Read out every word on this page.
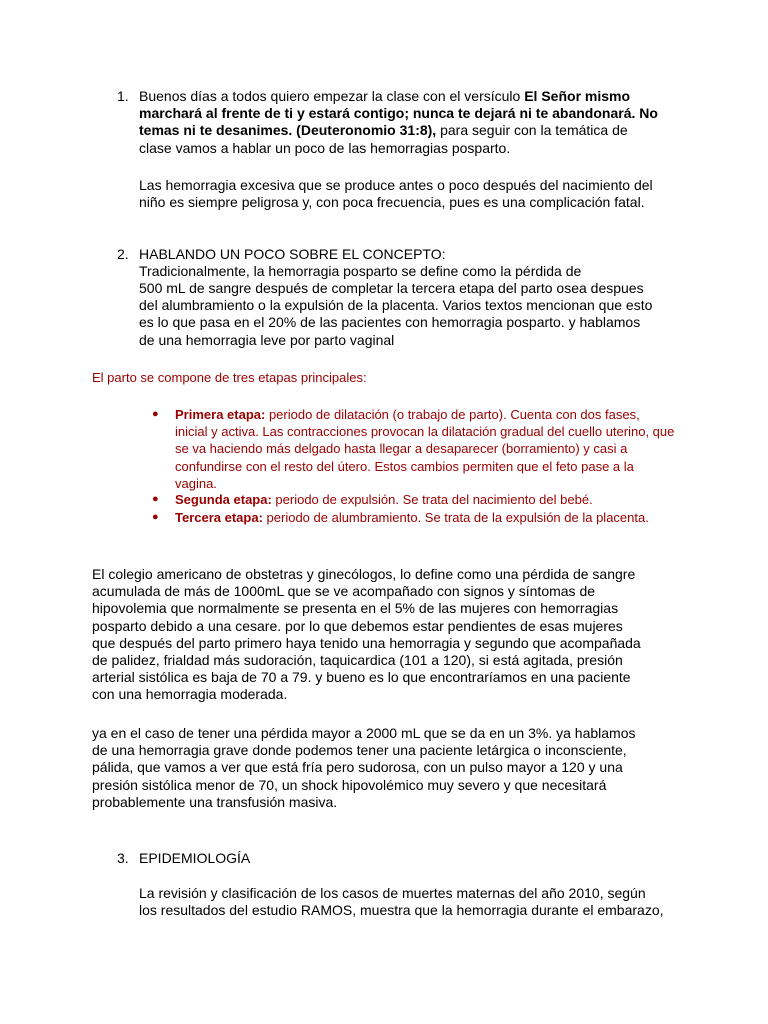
1. Buenos días a todos quiero empezar la clase con el versículo El Señor mismo marchará al frente de ti y estará contigo; nunca te dejará ni te abandonará. No temas ni te desanimes. (Deuteronomio 31:8), para seguir con la temática de clase vamos a hablar un poco de las hemorragias posparto.

Las hemorragia excesiva que se produce antes o poco después del nacimiento del niño es siempre peligrosa y, con poca frecuencia, pues es una complicación fatal.

2. HABLANDO UN POCO SOBRE EL CONCEPTO:

Tradicionalmente, la hemorragia posparto se define como la pérdida de

500 mL de sangre después de completar la tercera etapa del parto osea despues del alumbramiento o la expulsión de la placenta. Varios textos mencionan que esto es lo que pasa en el 20% de las pacientes con hemorragia posparto. y hablamos de una hemorragia leve por parto vaginal

El parto se compone de tres etapas principales:

● Primera etapa: periodo de dilatación (o trabajo de parto). Cuenta con dos fases, inicial y activa. Las contracciones provocan la dilatación gradual del cuello uterino, que se va haciendo más delgado hasta llegar a desaparecer (borramiento) y casi a confundirse con el resto del útero. Estos cambios permiten que el feto pase a la vagina.

● Segunda etapa: periodo de expulsión. Se trata del nacimiento del bebé.

● Tercera etapa: periodo de alumbramiento. Se trata de la expulsión de la placenta.

El colegio americano de obstetras y ginecólogos, lo define como una pérdida de sangre acumulada de más de 1000mL que se ve acompañado con signos y síntomas de hipovolemia que normalmente se presenta en el 5% de las mujeres con hemorragias posparto debido a una cesare. por lo que debemos estar pendientes de esas mujeres que después del parto primero haya tenido una hemorragia y segundo que acompañada de palidez, frialdad más sudoración, taquicardica (101 a 120), si está agitada, presión arterial sistólica es baja de 70 a 79. y bueno es lo que encontraríamos en una paciente con una hemorragia moderada.

ya en el caso de tener una pérdida mayor a 2000 mL que se da en un 3%. ya hablamos de una hemorragia grave donde podemos tener una paciente letárgica o inconsciente, pálida, que vamos a ver que está fría pero sudorosa, con un pulso mayor a 120 y una presión sistólica menor de 70, un shock hipovolémico muy severo y que necesitará probablemente una transfusión masiva.

3. EPIDEMIOLOGÍA

La revisión y clasificación de los casos de muertes maternas del año 2010, según los resultados del estudio RAMOS, muestra que la hemorragia durante el embarazo,
